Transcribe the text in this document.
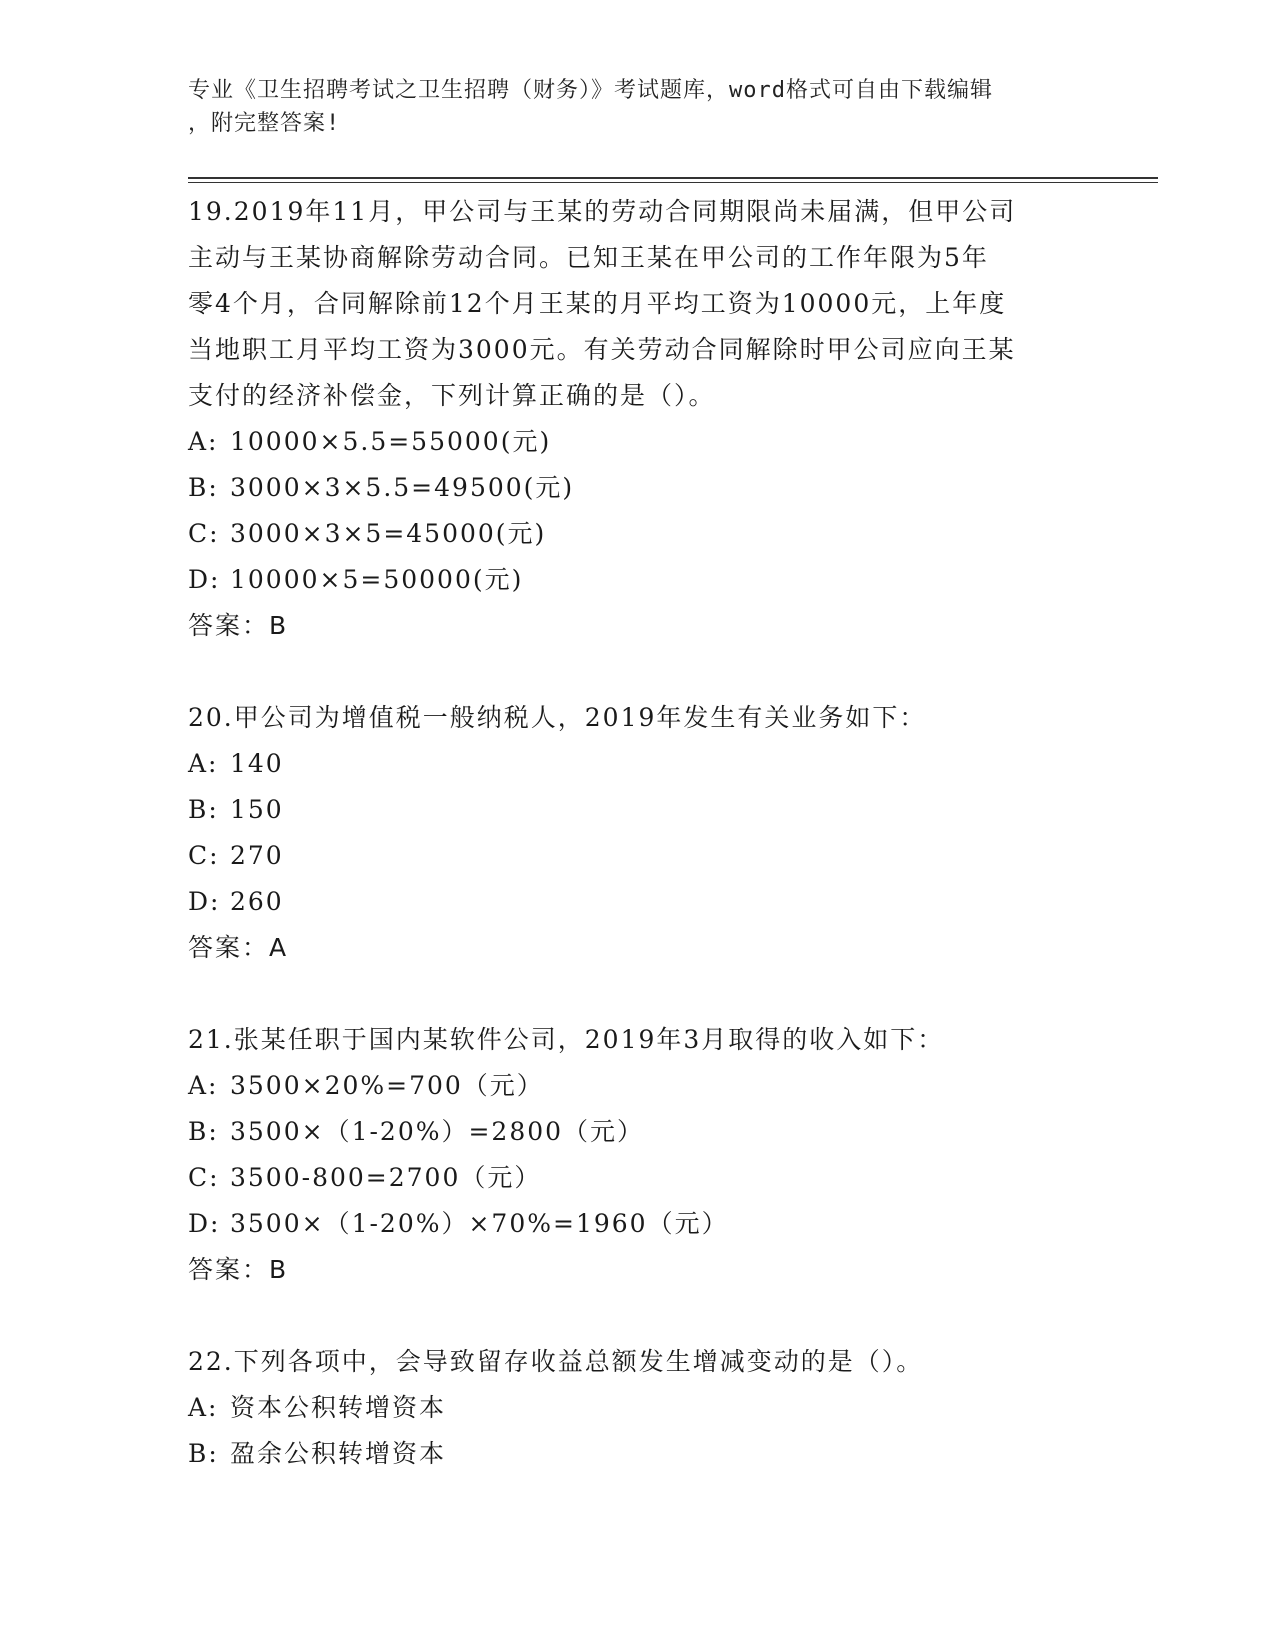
专业《卫生招聘考试之卫生招聘（财务）》考试题库，word格式可自由下载编辑
，附完整答案!
19.2019年11月，甲公司与王某的劳动合同期限尚未届满，但甲公司
主动与王某协商解除劳动合同。已知王某在甲公司的工作年限为5年
零4个月，合同解除前12个月王某的月平均工资为10000元，上年度
当地职工月平均工资为3000元。有关劳动合同解除时甲公司应向王某
支付的经济补偿金，下列计算正确的是（）。
A: 10000×5.5=55000(元)
B: 3000×3×5.5=49500(元)
C: 3000×3×5=45000(元)
D: 10000×5=50000(元)
答案：B
20.甲公司为增值税一般纳税人，2019年发生有关业务如下：
A: 140
B: 150
C: 270
D: 260
答案：A
21.张某任职于国内某软件公司，2019年3月取得的收入如下：
A: 3500×20%=700（元）
B: 3500×（1-20%）=2800（元）
C: 3500-800=2700（元）
D: 3500×（1-20%）×70%=1960（元）
答案：B
22.下列各项中，会导致留存收益总额发生增减变动的是（）。
A: 资本公积转增资本
B: 盈余公积转增资本
